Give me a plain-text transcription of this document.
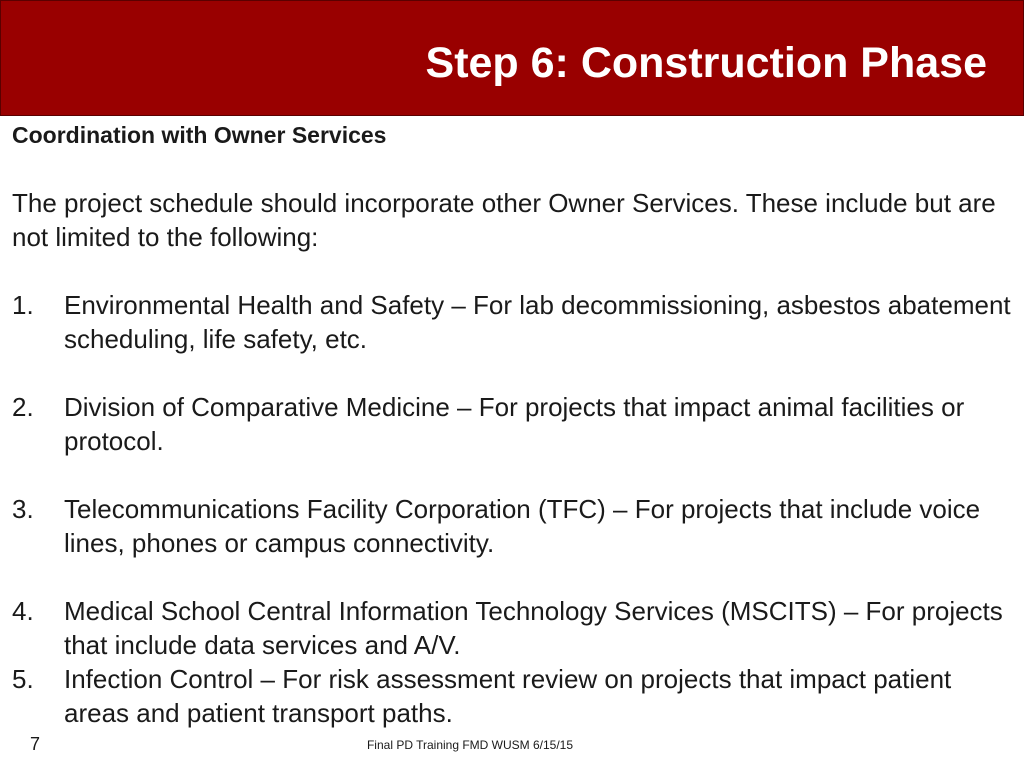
Step 6: Construction Phase

Coordination with Owner Services

The project schedule should incorporate other Owner Services. These include but are not limited to the following:

1. Environmental Health and Safety – For lab decommissioning, asbestos abatement scheduling, life safety, etc.
2. Division of Comparative Medicine – For projects that impact animal facilities or protocol.
3. Telecommunications Facility Corporation (TFC) – For projects that include voice lines, phones or campus connectivity.
4. Medical School Central Information Technology Services (MSCITS) – For projects that include data services and A/V.
5. Infection Control – For risk assessment review on projects that impact patient areas and patient transport paths.
7	Final PD Training FMD WUSM 6/15/15
